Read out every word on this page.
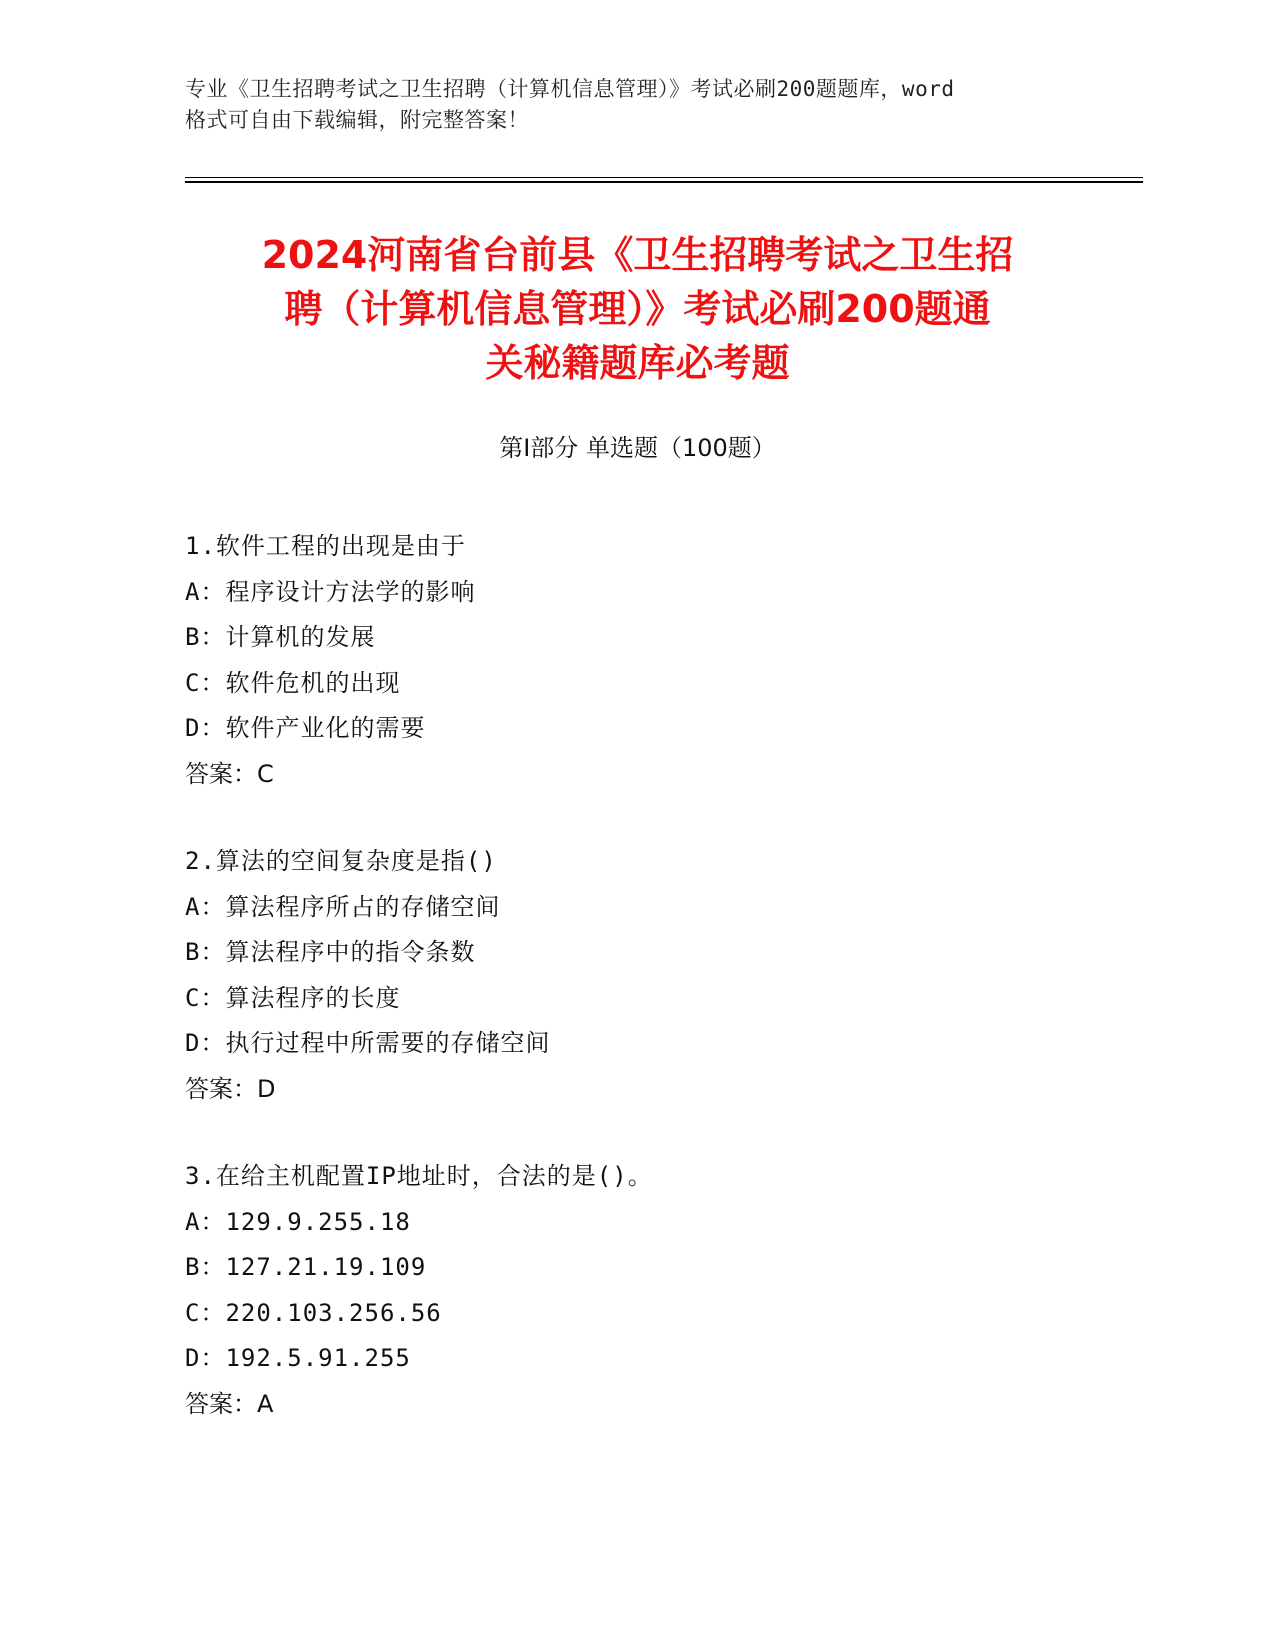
专业《卫生招聘考试之卫生招聘（计算机信息管理）》考试必刷200题题库，word
格式可自由下载编辑，附完整答案！
2024河南省台前县《卫生招聘考试之卫生招
聘（计算机信息管理）》考试必刷200题通
关秘籍题库必考题
第Ⅰ部分 单选题（100题）
1.软件工程的出现是由于
A：程序设计方法学的影响
B：计算机的发展
C：软件危机的出现
D：软件产业化的需要
答案：C
2.算法的空间复杂度是指()
A：算法程序所占的存储空间
B：算法程序中的指令条数
C：算法程序的长度
D：执行过程中所需要的存储空间
答案：D
3.在给主机配置IP地址时，合法的是()。
A：129.9.255.18
B：127.21.19.109
C：220.103.256.56
D：192.5.91.255
答案：A
